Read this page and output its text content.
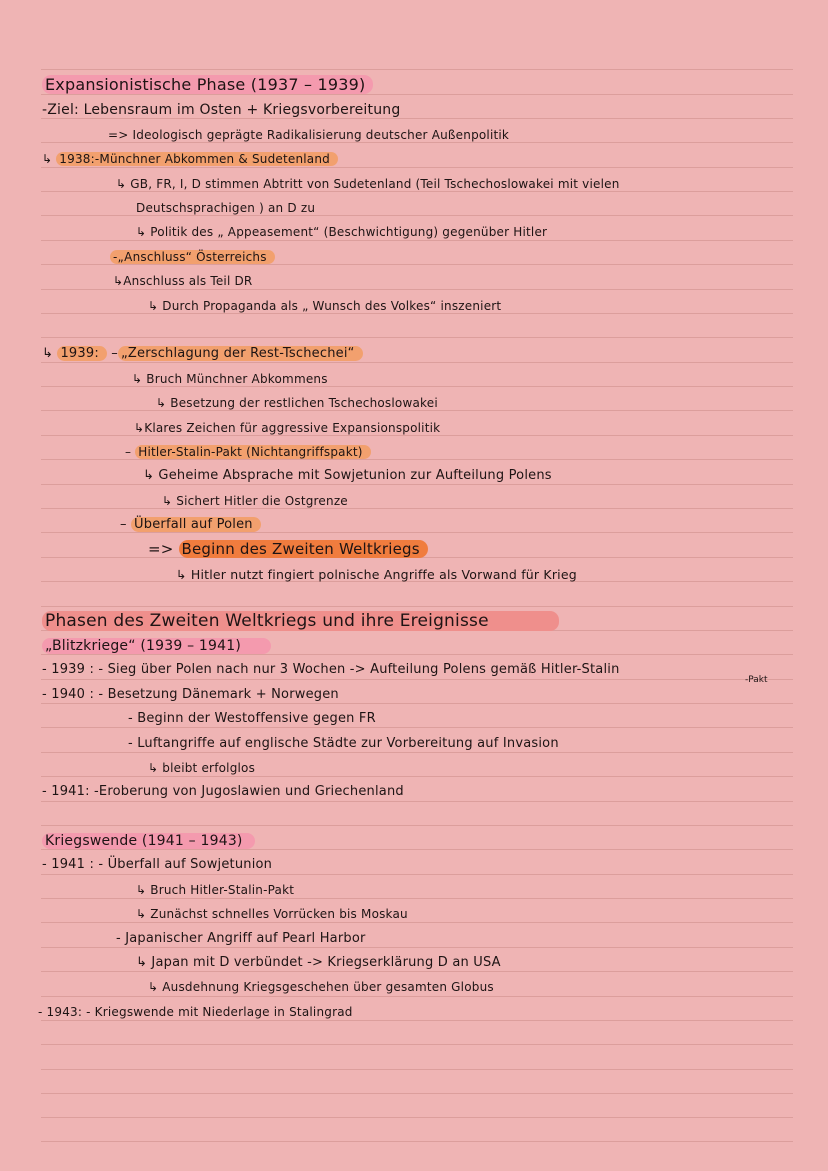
Expansionistische Phase (1937 – 1939)
-Ziel: Lebensraum im Osten + Kriegsvorbereitung
=> Ideologisch geprägte Radikalisierung deutscher Außenpolitik
↳ 1938:-Münchner Abkommen & Sudetenland
↳ GB, FR, I, D stimmen Abtritt von Sudetenland (Teil Tschechoslowakei mit vielen
Deutschsprachigen ) an D zu
↳ Politik des „ Appeasement“ (Beschwichtigung) gegenüber Hitler
-„Anschluss“ Österreichs
↳Anschluss als Teil DR
↳ Durch Propaganda als „ Wunsch des Volkes“ inszeniert
↳ 1939: – „Zerschlagung der Rest-Tschechei“
↳ Bruch Münchner Abkommens
↳ Besetzung der restlichen Tschechoslowakei
↳Klares Zeichen für aggressive Expansionspolitik
– Hitler-Stalin-Pakt (Nichtangriffspakt)
↳ Geheime Absprache mit Sowjetunion zur Aufteilung Polens
↳ Sichert Hitler die Ostgrenze
– Überfall auf Polen
=> Beginn des Zweiten Weltkriegs
↳ Hitler nutzt fingiert polnische Angriffe als Vorwand für Krieg
Phasen des Zweiten Weltkriegs und ihre Ereignisse
„Blitzkriege“ (1939 – 1941)
- 1939 : - Sieg über Polen nach nur 3 Wochen -> Aufteilung Polens gemäß Hitler-Stalin
-Pakt
- 1940 : - Besetzung Dänemark + Norwegen
- Beginn der Westoffensive gegen FR
- Luftangriffe auf englische Städte zur Vorbereitung auf Invasion
↳ bleibt erfolglos
- 1941: -Eroberung von Jugoslawien und Griechenland
Kriegswende (1941 – 1943)
- 1941 : - Überfall auf Sowjetunion
↳ Bruch Hitler-Stalin-Pakt
↳ Zunächst schnelles Vorrücken bis Moskau
- Japanischer Angriff auf Pearl Harbor
↳ Japan mit D verbündet -> Kriegserklärung D an USA
↳ Ausdehnung Kriegsgeschehen über gesamten Globus
- 1943: - Kriegswende mit Niederlage in Stalingrad
